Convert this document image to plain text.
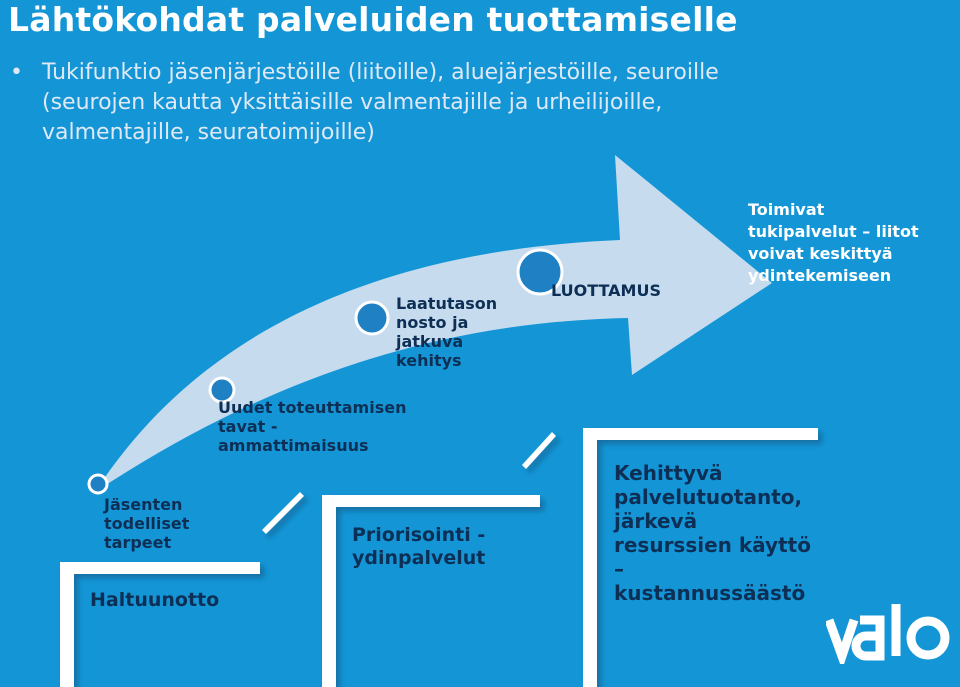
Lähtökohdat palveluiden tuottamiselle
• Tukifunktio jäsenjärjestöille (liitoille), aluejärjestöille, seuroille (seurojen kautta yksittäisille valmentajille ja urheilijoille, valmentajille, seuratoimijoille)
Jäsenten
todelliset
tarpeet
Uudet toteuttamisen
tavat -
ammattimaisuus
Laatutason
nosto ja
jatkuva
kehitys
LUOTTAMUS
Toimivat
tukipalvelut – liitot
voivat keskittyä
ydintekemiseen
Haltuunotto
Priorisointi -
ydinpalvelut
Kehittyvä
palvelutuotanto,
järkevä
resurssien käyttö
–
kustannussäästö
